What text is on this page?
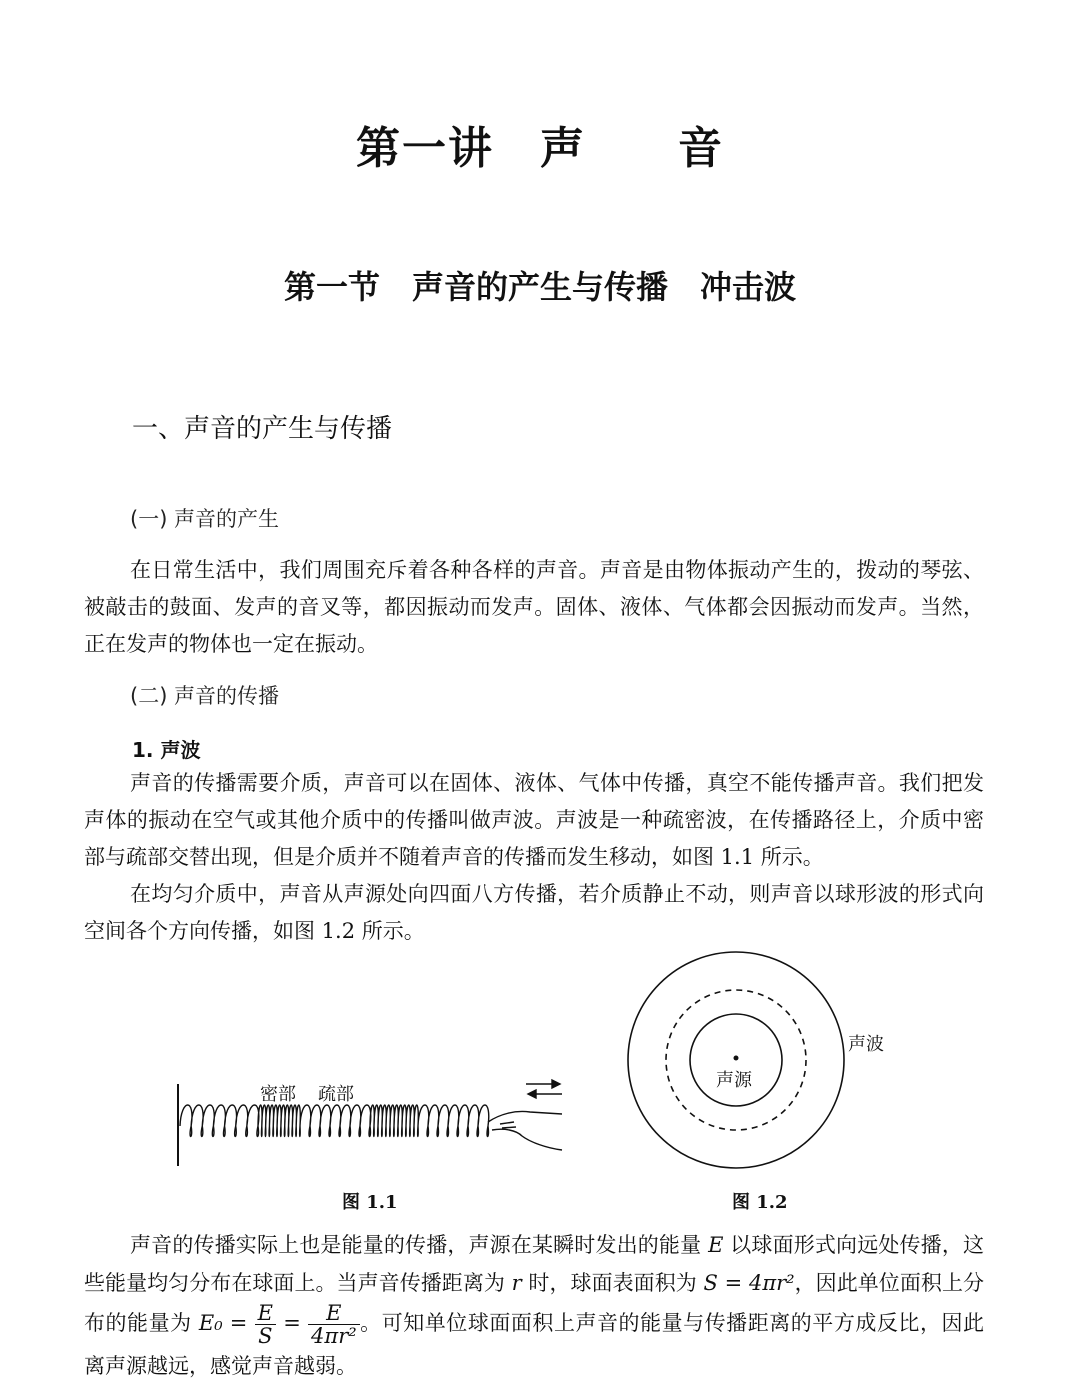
第一讲　声　　音
第一节　声音的产生与传播　冲击波
一、声音的产生与传播
(一) 声音的产生
在日常生活中，我们周围充斥着各种各样的声音。声音是由物体振动产生的，拨动的琴弦、被敲击的鼓面、发声的音叉等，都因振动而发声。固体、液体、气体都会因振动而发声。当然，正在发声的物体也一定在振动。
(二) 声音的传播
1. 声波
声音的传播需要介质，声音可以在固体、液体、气体中传播，真空不能传播声音。我们把发声体的振动在空气或其他介质中的传播叫做声波。声波是一种疏密波，在传播路径上，介质中密部与疏部交替出现，但是介质并不随着声音的传播而发生移动，如图 1.1 所示。
在均匀介质中，声音从声源处向四面八方传播，若介质静止不动，则声音以球形波的形式向空间各个方向传播，如图 1.2 所示。
密部 疏部
图 1.1
声波
声源
图 1.2
声音的传播实际上也是能量的传播，声源在某瞬时发出的能量 E 以球面形式向远处传播，这些能量均匀分布在球面上。当声音传播距离为 r 时，球面表面积为 S = 4πr²，因此单位面积上分布的能量为 $E_0 = \frac{E}{S} = \frac{E}{\text{4πr²}}$ 。可知单位球面面积上声音的能量与传播距离的平方成反比，因此离声源越远，感觉声音越弱。
